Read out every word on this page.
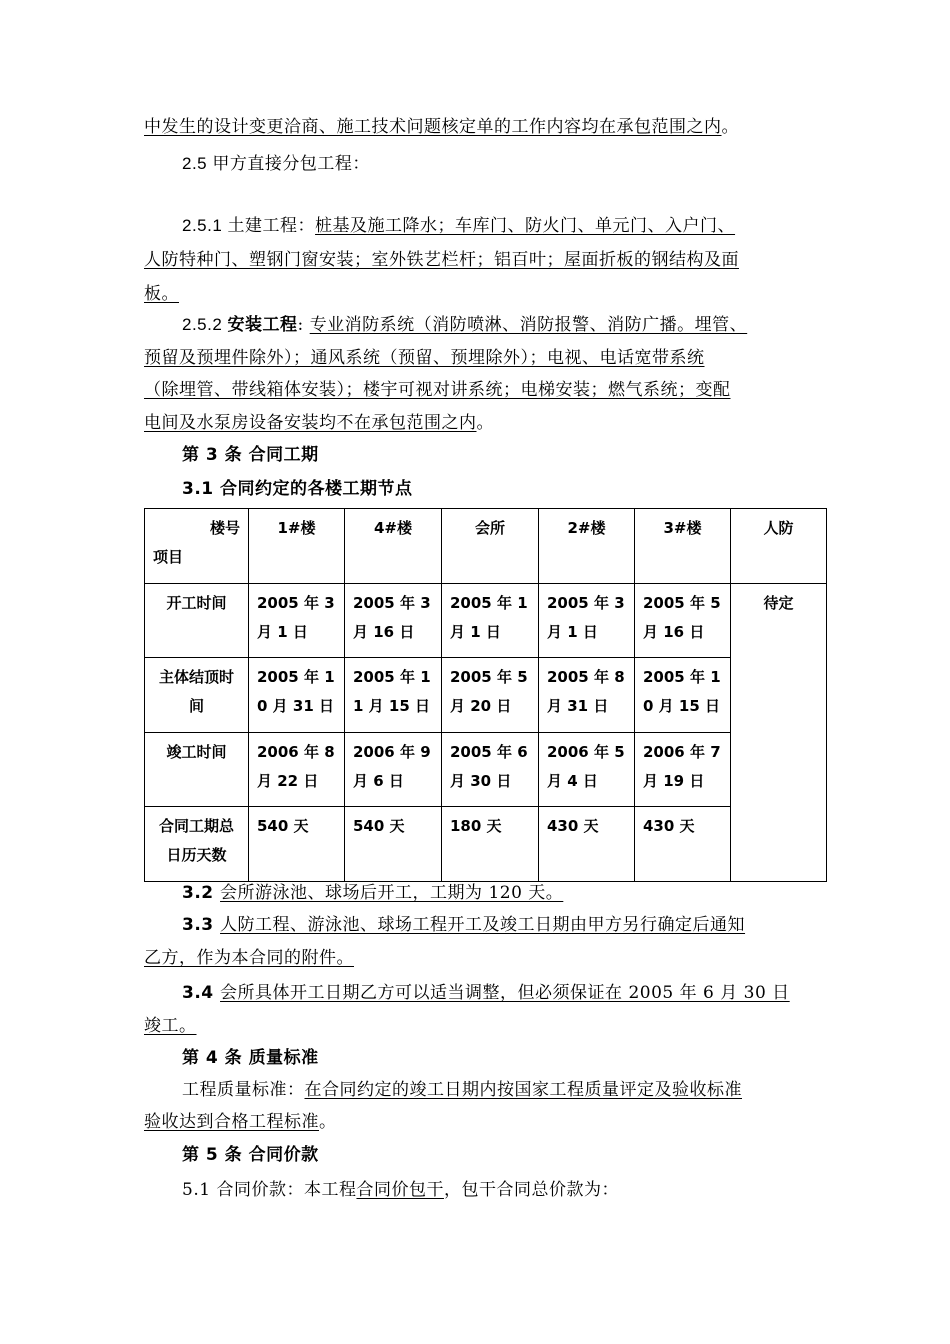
中发生的设计变更洽商、施工技术问题核定单的工作内容均在承包范围之内。
2.5 甲方直接分包工程：
2.5.1 土建工程：桩基及施工降水；车库门、防火门、单元门、入户门、
人防特种门、塑钢门窗安装；室外铁艺栏杆；铝百叶；屋面折板的钢结构及面
板。
2.5.2 安装工程: 专业消防系统（消防喷淋、消防报警、消防广播。埋管、
预留及预埋件除外）；通风系统（预留、预埋除外）；电视、电话宽带系统
（除埋管、带线箱体安装）；楼宇可视对讲系统；电梯安装；燃气系统；变配
电间及水泵房设备安装均不在承包范围之内。
第 3 条 合同工期
3.1 合同约定的各楼工期节点
楼号
项目	1#楼	4#楼	会所	2#楼	3#楼	人防
开工时间	2005 年 3 月 1 日	2005 年 3 月 16 日	2005 年 1 月 1 日	2005 年 3 月 1 日	2005 年 5 月 16 日	待定
主体结顶时间	2005 年 10 月 31 日	2005 年 11 月 15 日	2005 年 5 月 20 日	2005 年 8 月 31 日	2005 年 10 月 15 日	
竣工时间	2006 年 8 月 22 日	2006 年 9 月 6 日	2005 年 6 月 30 日	2006 年 5 月 4 日	2006 年 7 月 19 日	
合同工期总日历天数	540 天	540 天	180 天	430 天	430 天	
3.2 会所游泳池、球场后开工，工期为 120 天。
3.3 人防工程、游泳池、球场工程开工及竣工日期由甲方另行确定后通知
乙方，作为本合同的附件。
3.4 会所具体开工日期乙方可以适当调整，但必须保证在 2005 年 6 月 30 日
竣工。
第 4 条 质量标准
工程质量标准：在合同约定的竣工日期内按国家工程质量评定及验收标准
验收达到合格工程标准。
第 5 条 合同价款
5.1 合同价款：本工程合同价包干，包干合同总价款为：
